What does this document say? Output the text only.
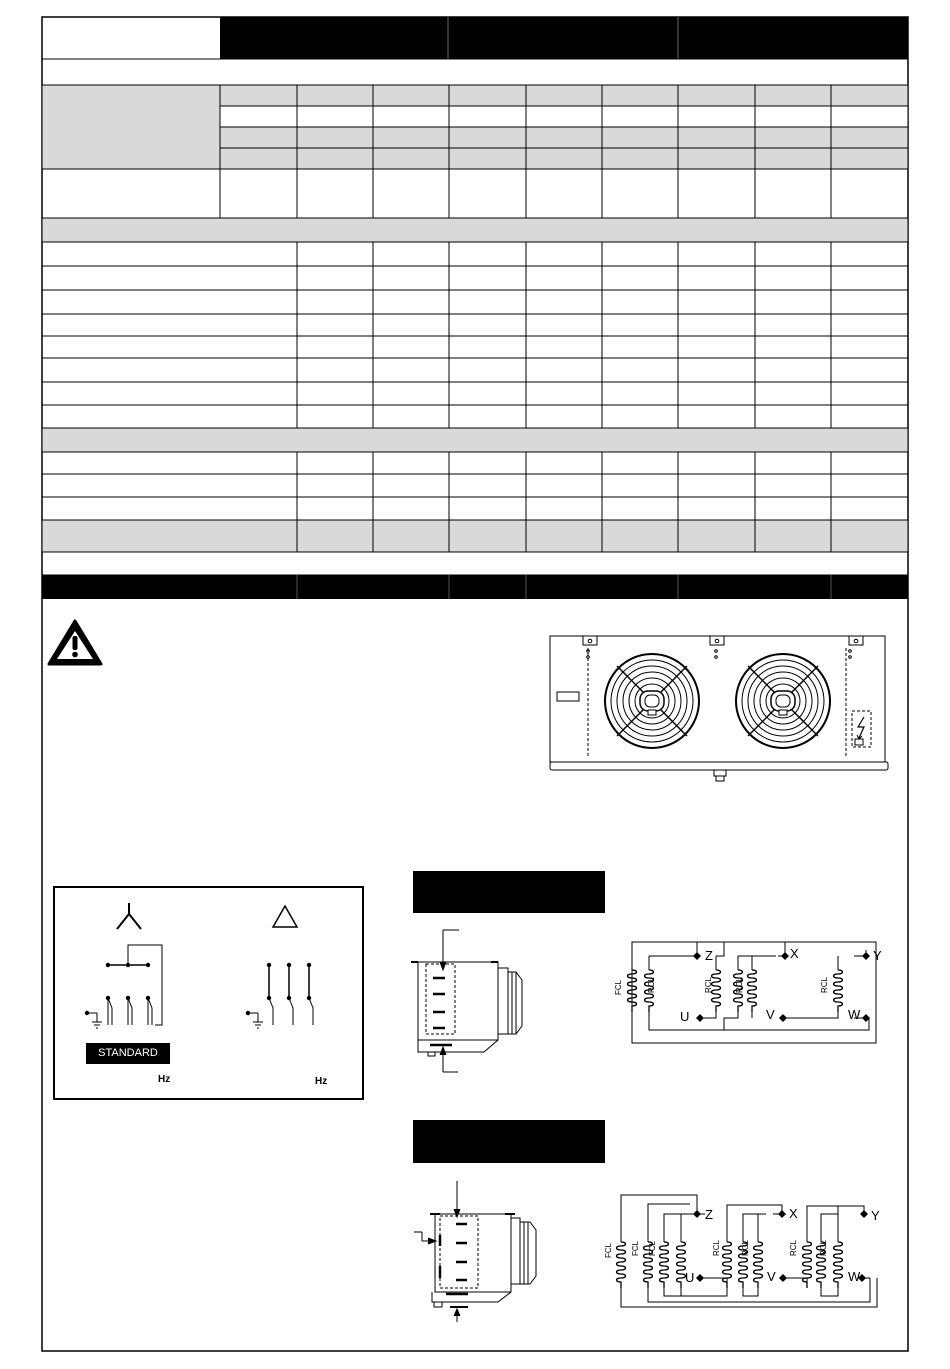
Z	X	Y
U	V	W
FCL	RCL	RCL	RCL	RCL
Z	X	Y
U	V	W
FCL FCL FCL	RCL	RCL	RCL	RCL
STANDARD
Hz	Hz
